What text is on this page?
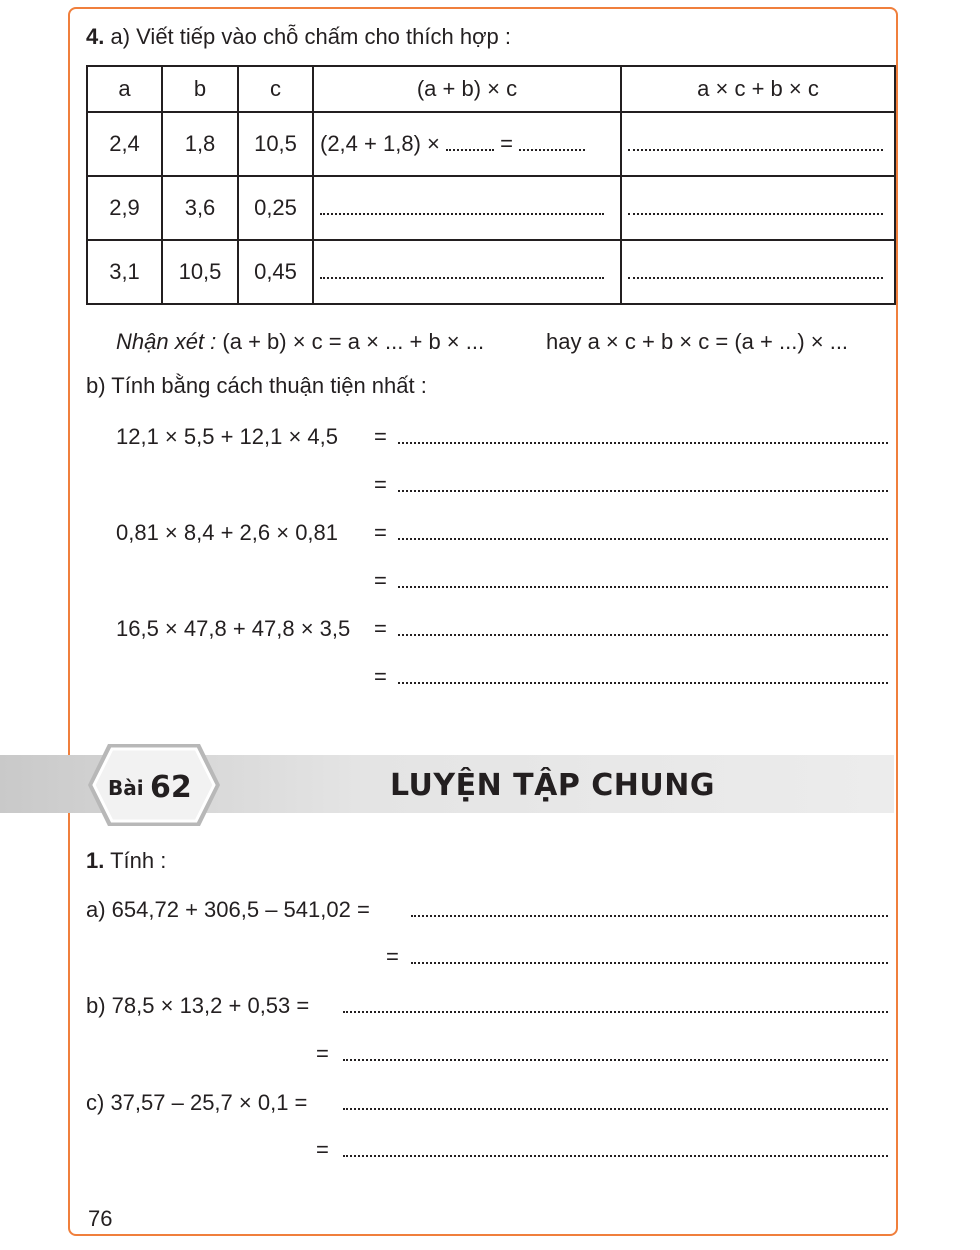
4. a) Viết tiếp vào chỗ chấm cho thích hợp :
a	b	c	(a + b) × c	a × c + b × c
2,4	1,8	10,5	(2,4 + 1,8) × =	
2,9	3,6	0,25		
3,1	10,5	0,45		
Nhận xét : (a + b) × c = a × ... + b × ...	hay a × c + b × c = (a + ...) × ...
b) Tính bằng cách thuận tiện nhất :
12,1 × 5,5 + 12,1 × 4,5 =
=
0,81 × 8,4 + 2,6 × 0,81 =
=
16,5 × 47,8 + 47,8 × 3,5 =
=
Bài 62	LUYỆN TẬP CHUNG
1. Tính :
a) 654,72 + 306,5 – 541,02 =
=
b) 78,5 × 13,2 + 0,53 =
=
c) 37,57 – 25,7 × 0,1 =
=
76
